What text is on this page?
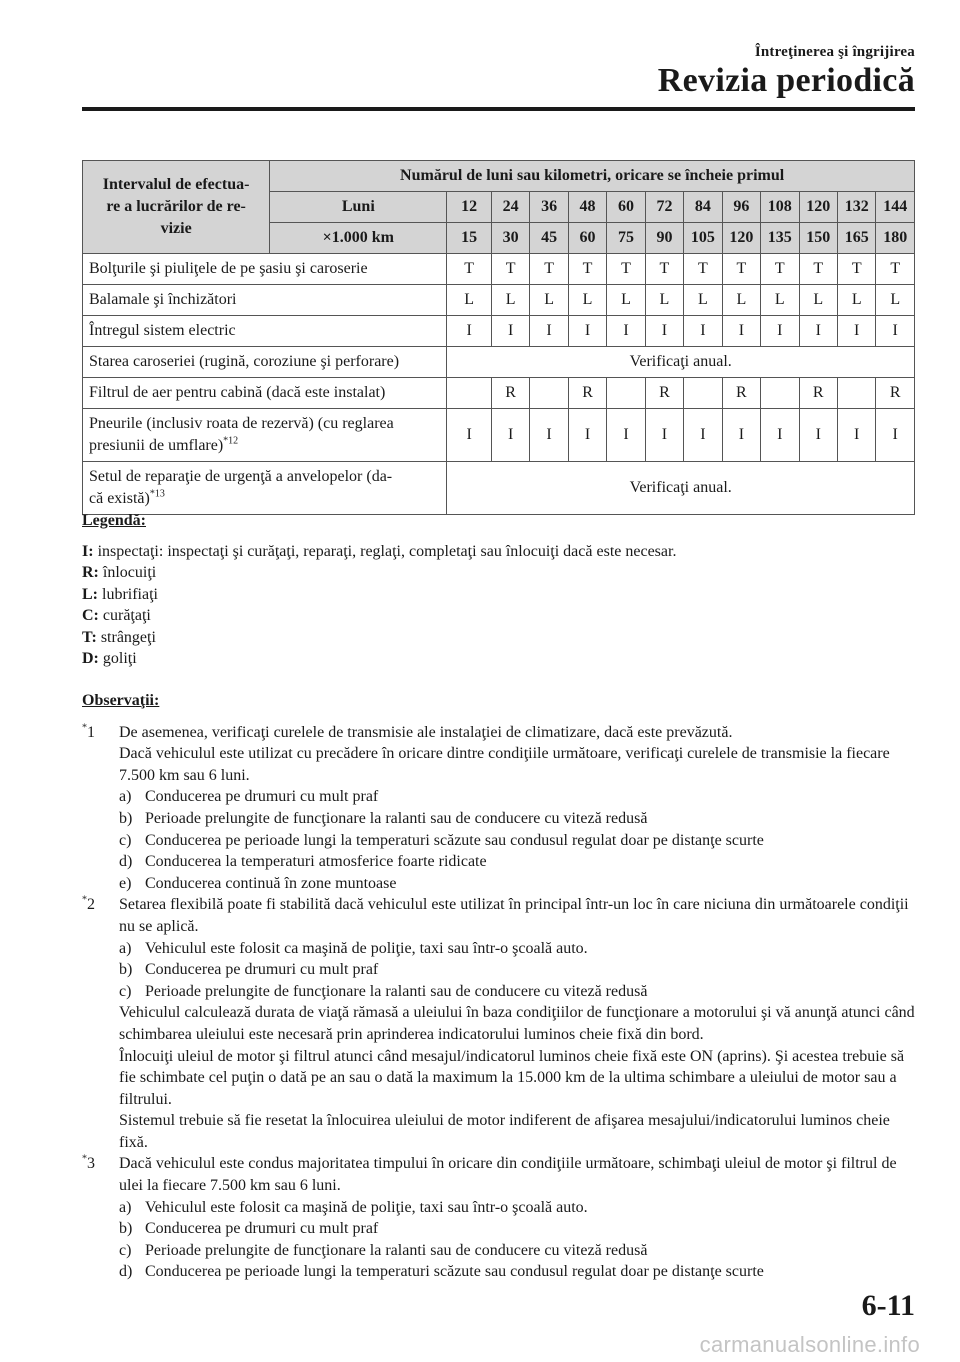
Întreţinerea şi îngrijirea
Revizia periodică
Intervalul de efectua-
re a lucrărilor de re-
vizie	Numărul de luni sau kilometri, oricare se încheie primul												
	Luni	12	24	36	48	60	72	84	96	108	120	132	144
	×1.000 km	15	30	45	60	75	90	105	120	135	150	165	180
Bolţurile şi piuliţele de pe şasiu şi caroserie		T	T	T	T	T	T	T	T	T	T	T	T
Balamale şi închizători		L	L	L	L	L	L	L	L	L	L	L	L
Întregul sistem electric		I	I	I	I	I	I	I	I	I	I	I	I
Starea caroseriei (rugină, coroziune şi perforare)		Verificaţi anual.											
Filtrul de aer pentru cabină (dacă este instalat)			R		R		R		R		R		R

Pneurile (inclusiv roata de rezervă) (cu reglarea
presiunii de umflare)$^{*12}$		I	I	I	I	I	I	I	I	I	I	I	I

Setul de reparaţie de urgenţă a anvelopelor (da-
că există)$^{*13}$		Verificaţi anual.											
Legendă:
I: inspectaţi: inspectaţi şi curăţaţi, reparaţi, reglaţi, completaţi sau înlocuiţi dacă este necesar.
R: înlocuiţi
L: lubrifiaţi
C: curăţaţi
T: strângeţi
D: goliţi
Observaţii:
*1 De asemenea, verificaţi curelele de transmisie ale instalaţiei de climatizare, dacă este prevăzută.
Dacă vehiculul este utilizat cu precădere în oricare dintre condiţiile următoare, verificaţi curelele de transmisie la fiecare 7.500 km sau 6 luni.
a) Conducerea pe drumuri cu mult praf
b) Perioade prelungite de funcţionare la ralanti sau de conducere cu viteză redusă
c) Conducerea pe perioade lungi la temperaturi scăzute sau condusul regulat doar pe distanţe scurte
d) Conducerea la temperaturi atmosferice foarte ridicate
e) Conducerea continuă în zone muntoase
*2 Setarea flexibilă poate fi stabilită dacă vehiculul este utilizat în principal într-un loc în care niciuna din următoarele condiţii nu se aplică.
a) Vehiculul este folosit ca maşină de poliţie, taxi sau într-o şcoală auto.
b) Conducerea pe drumuri cu mult praf
c) Perioade prelungite de funcţionare la ralanti sau de conducere cu viteză redusă
Vehiculul calculează durata de viaţă rămasă a uleiului în baza condiţiilor de funcţionare a motorului şi vă anunţă atunci când schimbarea uleiului este necesară prin aprinderea indicatorului luminos cheie fixă din bord.
Înlocuiţi uleiul de motor şi filtrul atunci când mesajul/indicatorul luminos cheie fixă este ON (aprins). Şi acestea trebuie să fie schimbate cel puţin o dată pe an sau o dată la maximum la 15.000 km de la ultima schimbare a uleiului de motor sau a filtrului.
Sistemul trebuie să fie resetat la înlocuirea uleiului de motor indiferent de afişarea mesajului/indicatorului luminos cheie fixă.
*3 Dacă vehiculul este condus majoritatea timpului în oricare din condiţiile următoare, schimbaţi uleiul de motor şi filtrul de ulei la fiecare 7.500 km sau 6 luni.
a) Vehiculul este folosit ca maşină de poliţie, taxi sau într-o şcoală auto.
b) Conducerea pe drumuri cu mult praf
c) Perioade prelungite de funcţionare la ralanti sau de conducere cu viteză redusă
d) Conducerea pe perioade lungi la temperaturi scăzute sau condusul regulat doar pe distanţe scurte
6-11
carmanualsonline.info
